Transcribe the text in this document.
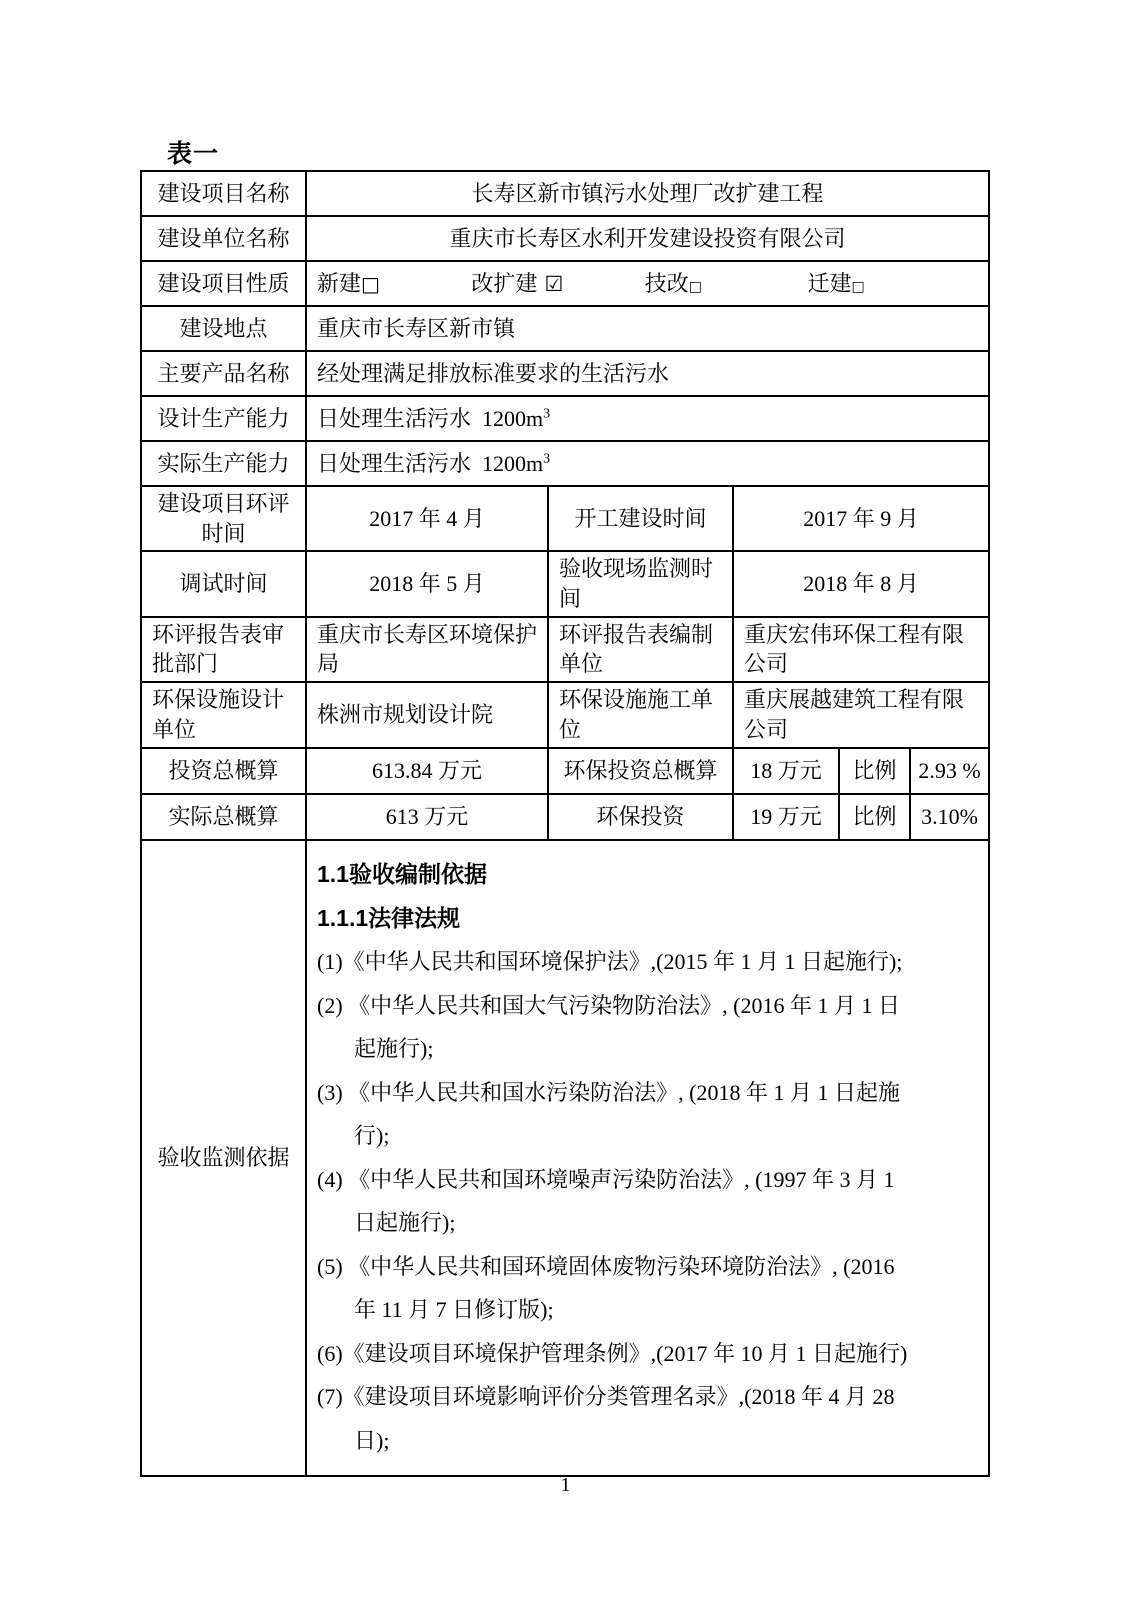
表一
建设项目名称	长寿区新市镇污水处理厂改扩建工程				
建设单位名称	重庆市长寿区水利开发建设投资有限公司				
建设项目性质	新建□ 改扩建 ☑ 技改□ 迁建□				
建设地点	重庆市长寿区新市镇				
主要产品名称	经处理满足排放标准要求的生活污水				
设计生产能力	日处理生活污水  $1200m^3$
实际生产能力	日处理生活污水  $1200m^3$
建设项目环评时间	2017 年 4 月	开工建设时间	2017 年 9 月		
调试时间	2018 年 5 月	验收现场监测时间	2018 年 8 月		
环评报告表审批部门	重庆市长寿区环境保护局	环评报告表编制单位	重庆宏伟环保工程有限公司		
环保设施设计单位	株洲市规划设计院	环保设施施工单位	重庆展越建筑工程有限公司		
投资总概算	613.84 万元	环保投资总概算	18 万元	比例	2.93 %
实际总概算	613 万元	环保投资	19 万元	比例	3.10%
验收监测依据	
1.1验收编制依据
1.1.1法律法规
(1)《中华人民共和国环境保护法》,(2015 年 1 月 1 日起施行);
(2) 《中华人民共和国大气污染物防治法》, (2016 年 1 月 1 日
起施行);
(3) 《中华人民共和国水污染防治法》, (2018 年 1 月 1 日起施
行);
(4) 《中华人民共和国环境噪声污染防治法》, (1997 年 3 月 1
日起施行);
(5) 《中华人民共和国环境固体废物污染环境防治法》, (2016
年 11 月 7 日修订版);
(6)《建设项目环境保护管理条例》,(2017 年 10 月 1 日起施行)
(7)《建设项目环境影响评价分类管理名录》,(2018 年 4 月 28
日);
1
